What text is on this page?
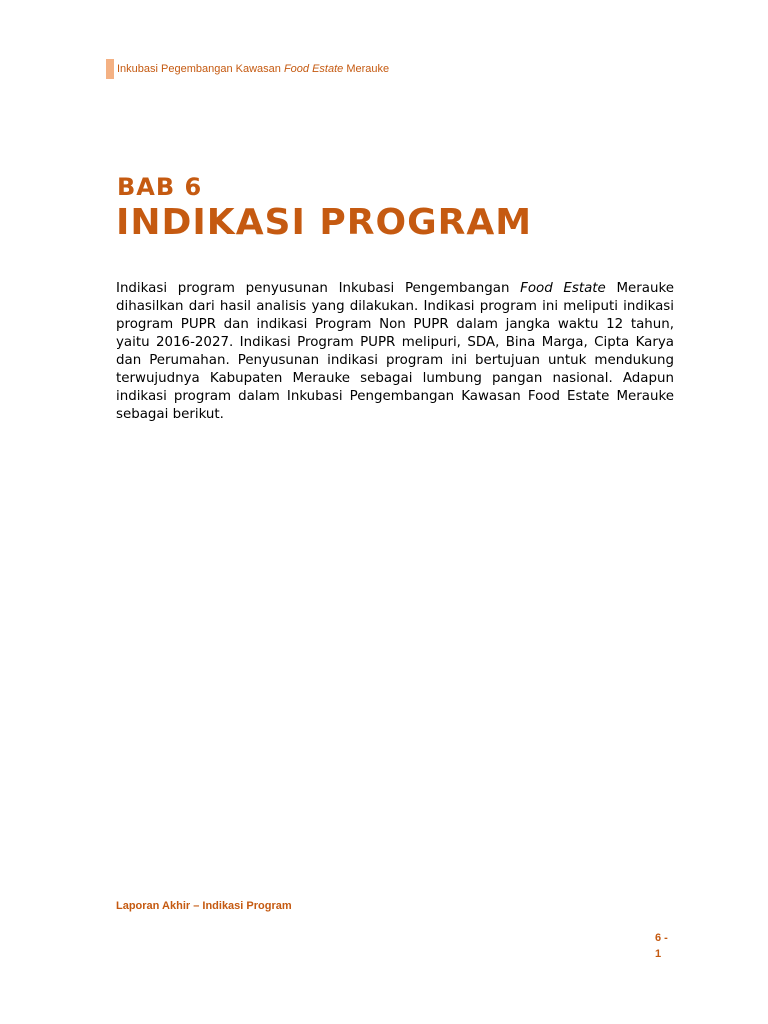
Inkubasi Pegembangan Kawasan Food Estate Merauke
BAB 6
INDIKASI PROGRAM

Indikasi program penyusunan Inkubasi Pengembangan Food Estate Merauke dihasilkan dari hasil analisis yang dilakukan. Indikasi program ini meliputi indikasi program PUPR dan indikasi Program Non PUPR dalam jangka waktu 12 tahun, yaitu 2016-2027. Indikasi Program PUPR melipuri, SDA, Bina Marga, Cipta Karya dan Perumahan. Penyusunan indikasi program ini bertujuan untuk mendukung terwujudnya Kabupaten Merauke sebagai lumbung pangan nasional. Adapun indikasi program dalam Inkubasi Pengembangan Kawasan Food Estate Merauke sebagai berikut.

Laporan Akhir – Indikasi Program
6 -
1
